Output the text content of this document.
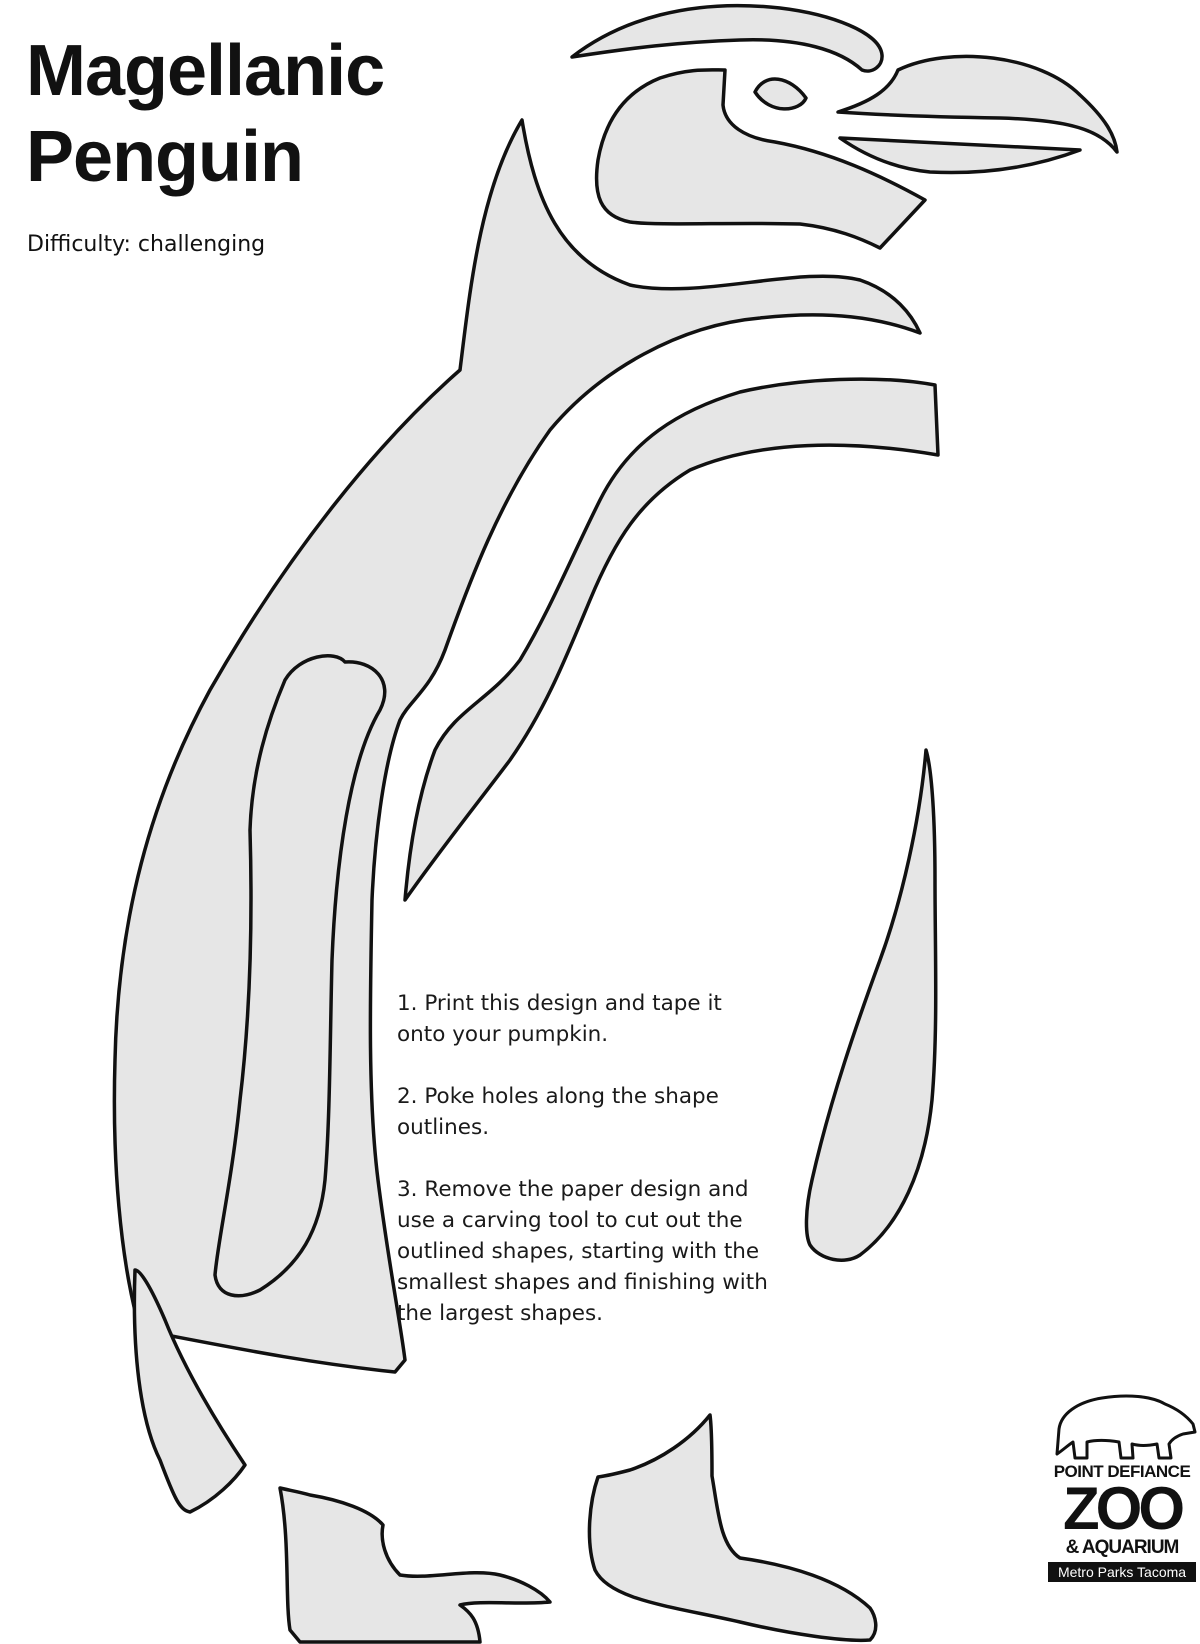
Magellanic
Penguin
Difficulty: challenging

1. Print this design and tape it onto your pumpkin.

2. Poke holes along the shape outlines.

3. Remove the paper design and use a carving tool to cut out the outlined shapes, starting with the smallest shapes and finishing with the largest shapes.

POINT DEFIANCE
ZOO
& AQUARIUM
Metro Parks Tacoma
